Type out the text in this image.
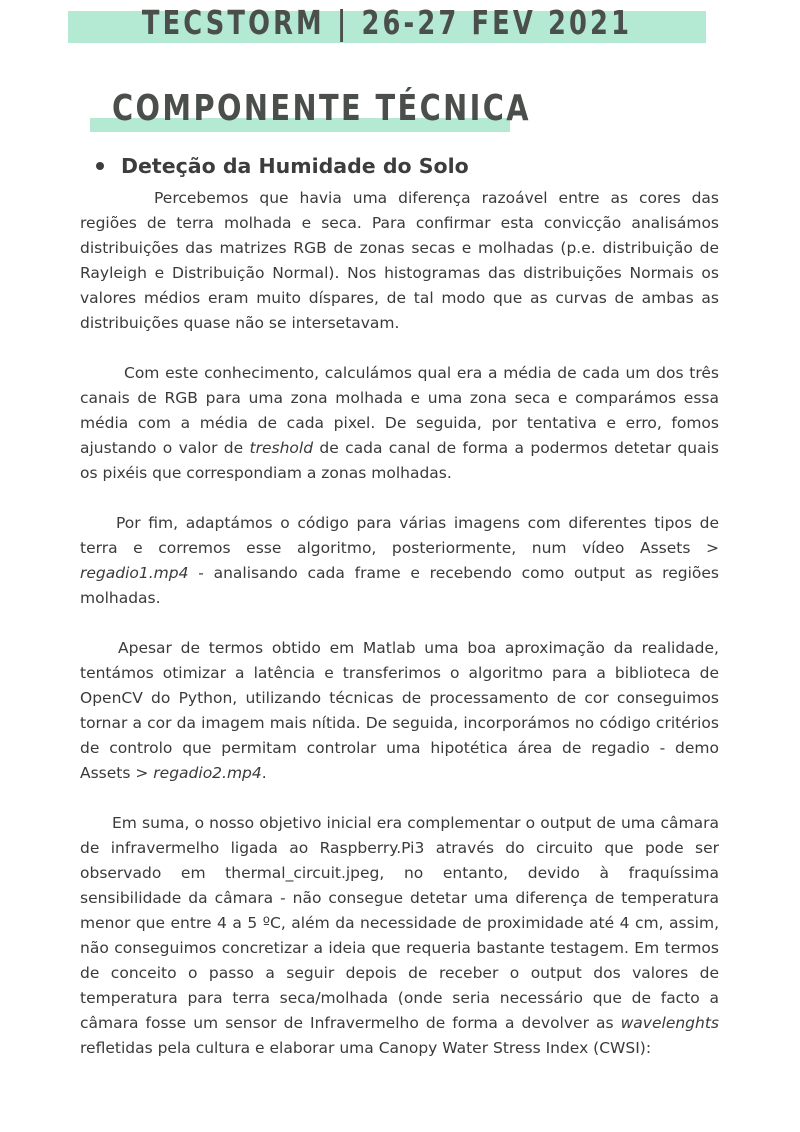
TECSTORM | 26-27 FEV 2021
COMPONENTE TÉCNICA
Deteção da Humidade do Solo

Percebemos que havia uma diferença razoável entre as cores das regiões de terra molhada e seca. Para confirmar esta convicção analisámos distribuições das matrizes RGB de zonas secas e molhadas (p.e. distribuição de Rayleigh e Distribuição Normal). Nos histogramas das distribuições Normais os valores médios eram muito díspares, de tal modo que as curvas de ambas as distribuições quase não se intersetavam.

Com este conhecimento, calculámos qual era a média de cada um dos três canais de RGB para uma zona molhada e uma zona seca e comparámos essa média com a média de cada pixel. De seguida, por tentativa e erro, fomos ajustando o valor de treshold de cada canal de forma a podermos detetar quais os pixéis que correspondiam a zonas molhadas.

Por fim, adaptámos o código para várias imagens com diferentes tipos de terra e corremos esse algoritmo, posteriormente, num vídeo Assets > regadio1.mp4 - analisando cada frame e recebendo como output as regiões molhadas.

Apesar de termos obtido em Matlab uma boa aproximação da realidade, tentámos otimizar a latência e transferimos o algoritmo para a biblioteca de OpenCV do Python, utilizando técnicas de processamento de cor conseguimos tornar a cor da imagem mais nítida. De seguida, incorporámos no código critérios de controlo que permitam controlar uma hipotética área de regadio - demo Assets > regadio2.mp4.

Em suma, o nosso objetivo inicial era complementar o output de uma câmara de infravermelho ligada ao Raspberry.Pi3 através do circuito que pode ser observado em thermal_circuit.jpeg, no entanto, devido à fraquíssima sensibilidade da câmara - não consegue detetar uma diferença de temperatura menor que entre 4 a 5 ºC, além da necessidade de proximidade até 4 cm, assim, não conseguimos concretizar a ideia que requeria bastante testagem. Em termos de conceito o passo a seguir depois de receber o output dos valores de temperatura para terra seca/molhada (onde seria necessário que de facto a câmara fosse um sensor de Infravermelho de forma a devolver as wavelenghts refletidas pela cultura e elaborar uma Canopy Water Stress Index (CWSI):
